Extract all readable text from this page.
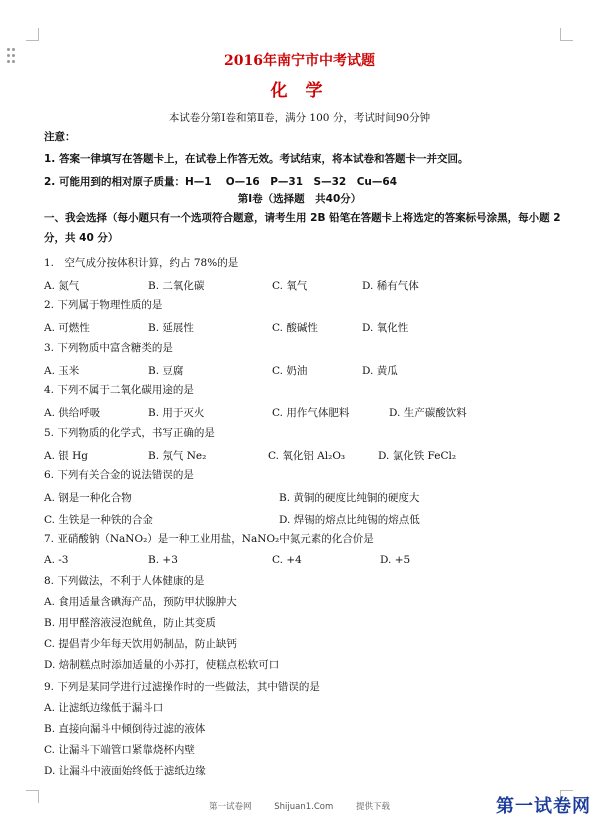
2016年南宁市中考试题
化 学
本试卷分第Ⅰ卷和第Ⅱ卷，满分 100 分，考试时间90分钟
注意：
1. 答案一律填写在答题卡上，在试卷上作答无效。考试结束，将本试卷和答题卡一并交回。
2. 可能用到的相对原子质量：H—1　 O—16　P—31　S—32　Cu—64
第Ⅰ卷（选择题　共40分）
一、我会选择（每小题只有一个选项符合题意，请考生用 2B 铅笔在答题卡上将选定的答案标号涂黑，每小题 2 分，共 40 分）
1.　空气成分按体积计算，约占 78%的是
A. 氮气	B. 二氧化碳	C. 氧气	D. 稀有气体
2. 下列属于物理性质的是
A. 可燃性	B. 延展性	C. 酸碱性	D. 氧化性
3. 下列物质中富含糖类的是
A. 玉米	B. 豆腐	C. 奶油	D. 黄瓜
4. 下列不属于二氧化碳用途的是
A. 供给呼吸	B. 用于灭火	C. 用作气体肥料	D. 生产碳酸饮料
5. 下列物质的化学式，书写正确的是
A. 银 Hg	B. 氖气 Ne₂	C. 氧化铝 Al₂O₃	D. 氯化铁 FeCl₂
6. 下列有关合金的说法错误的是
A. 钢是一种化合物	B. 黄铜的硬度比纯铜的硬度大
C. 生铁是一种铁的合金	D. 焊锡的熔点比纯锡的熔点低
7. 亚硝酸钠（NaNO₂）是一种工业用盐，NaNO₂中氮元素的化合价是
A. -3	B. +3	C. +4	D. +5
8. 下列做法，不利于人体健康的是
A. 食用适量含碘海产品，预防甲状腺肿大
B. 用甲醛溶液浸泡鱿鱼，防止其变质
C. 提倡青少年每天饮用奶制品，防止缺钙
D. 焙制糕点时添加适量的小苏打，使糕点松软可口
9. 下列是某同学进行过滤操作时的一些做法，其中错误的是
A. 让滤纸边缘低于漏斗口
B. 直接向漏斗中倾倒待过滤的液体
C. 让漏斗下端管口紧靠烧杯内壁
D. 让漏斗中液面始终低于滤纸边缘
第一试卷网	Shijuan1.Com	提供下载	第一试卷网
